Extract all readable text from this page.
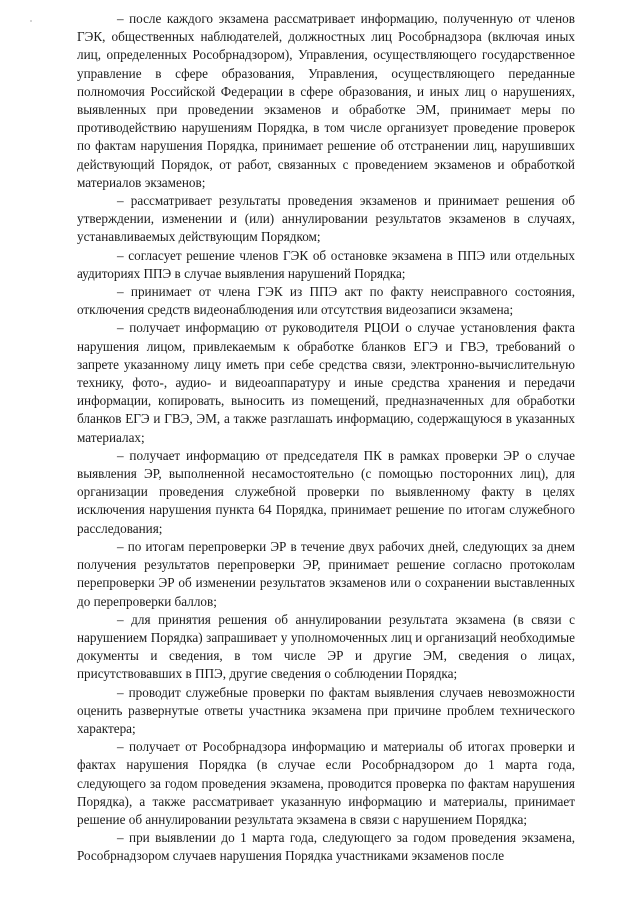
– после каждого экзамена рассматривает информацию, полученную от членов ГЭК, общественных наблюдателей, должностных лиц Рособрнадзора (включая иных лиц, определенных Рособрнадзором), Управления, осуществляющего государственное управление в сфере образования, Управления, осуществляющего переданные полномочия Российской Федерации в сфере образования, и иных лиц о нарушениях, выявленных при проведении экзаменов и обработке ЭМ, принимает меры по противодействию нарушениям Порядка, в том числе организует проведение проверок по фактам нарушения Порядка, принимает решение об отстранении лиц, нарушивших действующий Порядок, от работ, связанных с проведением экзаменов и обработкой материалов экзаменов;

– рассматривает результаты проведения экзаменов и принимает решения об утверждении, изменении и (или) аннулировании результатов экзаменов в случаях, устанавливаемых действующим Порядком;

– согласует решение членов ГЭК об остановке экзамена в ППЭ или отдельных аудиториях ППЭ в случае выявления нарушений Порядка;

– принимает от члена ГЭК из ППЭ акт по факту неисправного состояния, отключения средств видеонаблюдения или отсутствия видеозаписи экзамена;

– получает информацию от руководителя РЦОИ о случае установления факта нарушения лицом, привлекаемым к обработке бланков ЕГЭ и ГВЭ, требований о запрете указанному лицу иметь при себе средства связи, электронно-вычислительную технику, фото-, аудио- и видеоаппаратуру и иные средства хранения и передачи информации, копировать, выносить из помещений, предназначенных для обработки бланков ЕГЭ и ГВЭ, ЭМ, а также разглашать информацию, содержащуюся в указанных материалах;

– получает информацию от председателя ПК в рамках проверки ЭР о случае выявления ЭР, выполненной несамостоятельно (с помощью посторонних лиц), для организации проведения служебной проверки по выявленному факту в целях исключения нарушения пункта 64 Порядка, принимает решение по итогам служебного расследования;

– по итогам перепроверки ЭР в течение двух рабочих дней, следующих за днем получения результатов перепроверки ЭР, принимает решение согласно протоколам перепроверки ЭР об изменении результатов экзаменов или о сохранении выставленных до перепроверки баллов;

– для принятия решения об аннулировании результата экзамена (в связи с нарушением Порядка) запрашивает у уполномоченных лиц и организаций необходимые документы и сведения, в том числе ЭР и другие ЭМ, сведения о лицах, присутствовавших в ППЭ, другие сведения о соблюдении Порядка;

– проводит служебные проверки по фактам выявления случаев невозможности оценить развернутые ответы участника экзамена при причине проблем технического характера;

– получает от Рособрнадзора информацию и материалы об итогах проверки и фактах нарушения Порядка (в случае если Рособрнадзором до 1 марта года, следующего за годом проведения экзамена, проводится проверка по фактам нарушения Порядка), а также рассматривает указанную информацию и материалы, принимает решение об аннулировании результата экзамена в связи с нарушением Порядка;

– при выявлении до 1 марта года, следующего за годом проведения экзамена, Рособрнадзором случаев нарушения Порядка участниками экзаменов после
